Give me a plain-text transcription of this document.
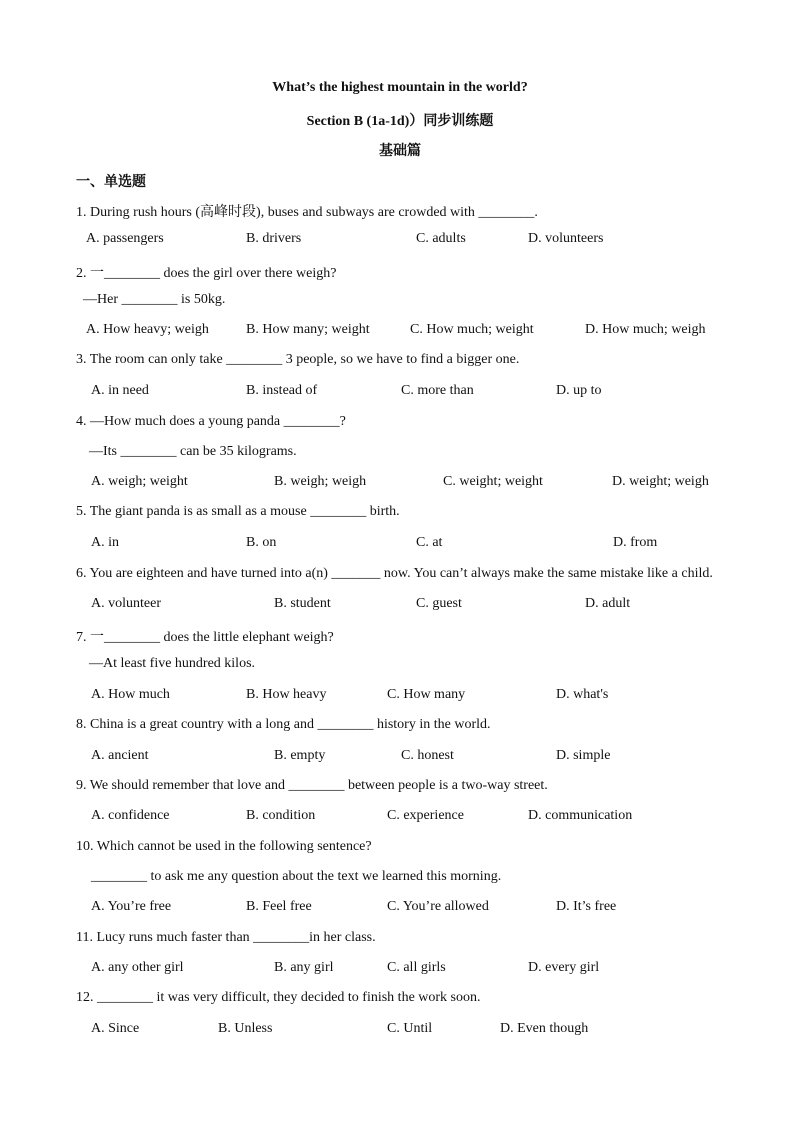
What’s the highest mountain in the world?
Section B (1a-1d)）同步训练题
基础篇
一、单选题
1. During rush hours (高峰时段), buses and subways are crowded with ________.
A. passengers	B. drivers	C. adults	D. volunteers
2. 一________ does the girl over there weigh?
—Her ________ is 50kg.
A. How heavy; weigh	B. How many; weight	C. How much; weight	D. How much; weigh
3. The room can only take ________ 3 people, so we have to find a bigger one.
A. in need	B. instead of	C. more than	D. up to
4. —How much does a young panda ________?
—Its ________ can be 35 kilograms.
A. weigh; weight	B. weigh; weigh	C. weight; weight	D. weight; weigh
5. The giant panda is as small as a mouse ________ birth.
A. in	B. on	C. at	D. from
6. You are eighteen and have turned into a(n) _______ now. You can’t always make the same mistake like a child.
A. volunteer	B. student	C. guest	D. adult
7. 一________ does the little elephant weigh?
—At least five hundred kilos.
A. How much	B. How heavy	C. How many	D. what's
8. China is a great country with a long and ________ history in the world.
A. ancient	B. empty	C. honest	D. simple
9. We should remember that love and ________ between people is a two-way street.
A. confidence	B. condition	C. experience	D. communication
10. Which cannot be used in the following sentence?
________ to ask me any question about the text we learned this morning.
A. You’re free	B. Feel free	C. You’re allowed	D. It’s free
11. Lucy runs much faster than ________in her class.
A. any other girl	B. any girl	C. all girls	D. every girl
12. ________ it was very difficult, they decided to finish the work soon.
A. Since	B. Unless	C. Until	D. Even though
